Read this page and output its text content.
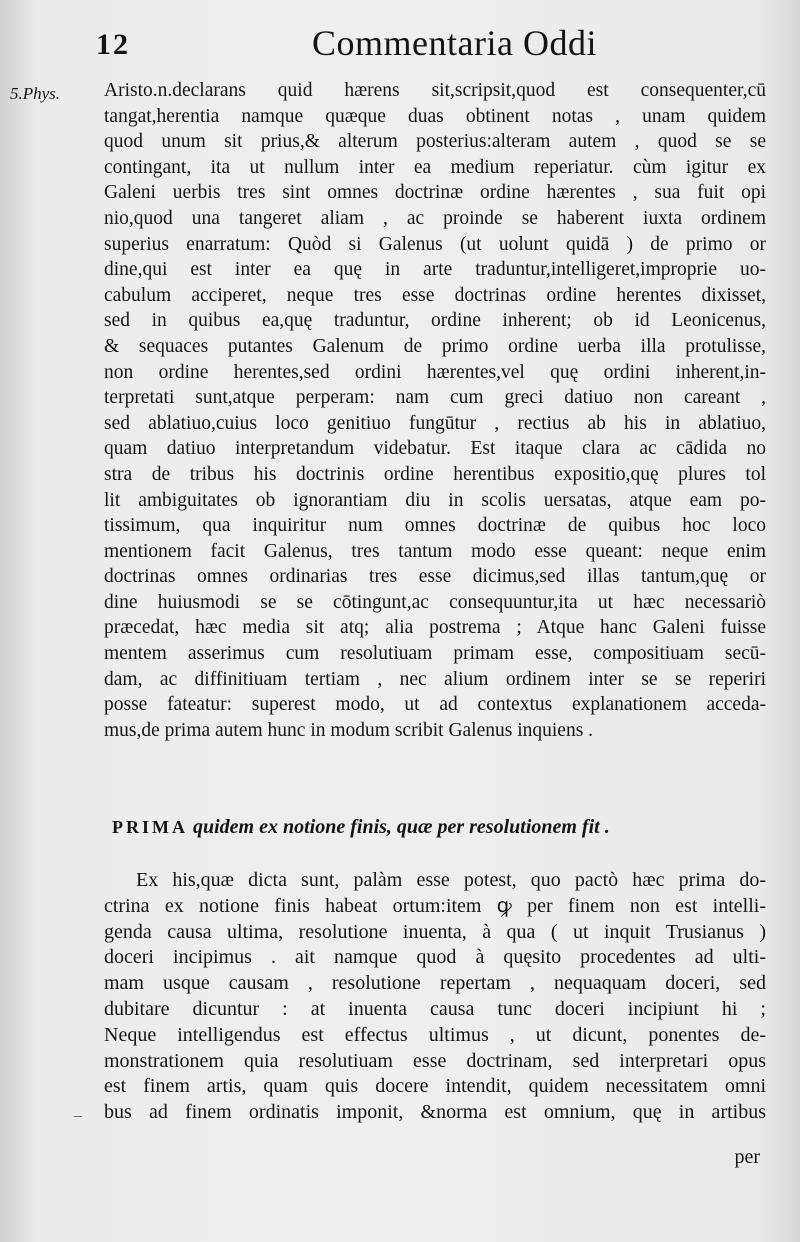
12	Commentaria Oddi
5.Phys. Aristo.n.declarans quid hærens sit,scripsit,quod est consequenter,cū
tangat,herentia namque quæque duas obtinent notas , unam quidem
quod unum sit prius,& alterum posterius:alteram autem , quod se se
contingant, ita ut nullum inter ea medium reperiatur. cùm igitur ex
Galeni uerbis tres sint omnes doctrinæ ordine hærentes , sua fuit opi
nio,quod una tangeret aliam , ac proinde se haberent iuxta ordinem
superius enarratum: Quòd si Galenus (ut uolunt quidā ) de primo or
dine,qui est inter ea quę in arte traduntur,intelligeret,improprie uo-
cabulum acciperet, neque tres esse doctrinas ordine herentes dixisset,
sed in quibus ea,quę traduntur, ordine inherent; ob id Leonicenus,
& sequaces putantes Galenum de primo ordine uerba illa protulisse,
non ordine herentes,sed ordini hærentes,vel quę ordini inherent,in-
terpretati sunt,atque perperam: nam cum greci datiuo non careant ,
sed ablatiuo,cuius loco genitiuo fungūtur , rectius ab his in ablatiuo,
quam datiuo interpretandum videbatur. Est itaque clara ac cādida no
stra de tribus his doctrinis ordine herentibus expositio,quę plures tol
lit ambiguitates ob ignorantiam diu in scolis uersatas, atque eam po-
tissimum, qua inquiritur num omnes doctrinæ de quibus hoc loco
mentionem facit Galenus, tres tantum modo esse queant: neque enim
doctrinas omnes ordinarias tres esse dicimus,sed illas tantum,quę or
dine huiusmodi se se cōtingunt,ac consequuntur,ita ut hæc necessariò
præcedat, hæc media sit atq; alia postrema ; Atque hanc Galeni fuisse
mentem asserimus cum resolutiuam primam esse, compositiuam secū-
dam, ac diffinitiuam tertiam , nec alium ordinem inter se se reperiri
posse fateatur: superest modo, ut ad contextus explanationem acceda-
mus,de prima autem hunc in modum scribit Galenus inquiens .
PRIMA quidem ex notione finis, quæ per resolutionem fit .
Ex his,quæ dicta sunt, palàm esse potest, quo pactò hæc prima do-
ctrina ex notione finis habeat ortum:item ꝙ per finem non est intelli-
genda causa ultima, resolutione inuenta, à qua ( ut inquit Trusianus )
doceri incipimus . ait namque quod à quęsito procedentes ad ulti-
mam usque causam , resolutione repertam , nequaquam doceri, sed
dubitare dicuntur : at inuenta causa tunc doceri incipiunt hi ;
Neque intelligendus est effectus ultimus , ut dicunt, ponentes de-
monstrationem quia resolutiuam esse doctrinam, sed interpretari opus
est finem artis, quam quis docere intendit, quidem necessitatem omni
bus ad finem ordinatis imponit, &norma est omnium, quę in artibus
per
